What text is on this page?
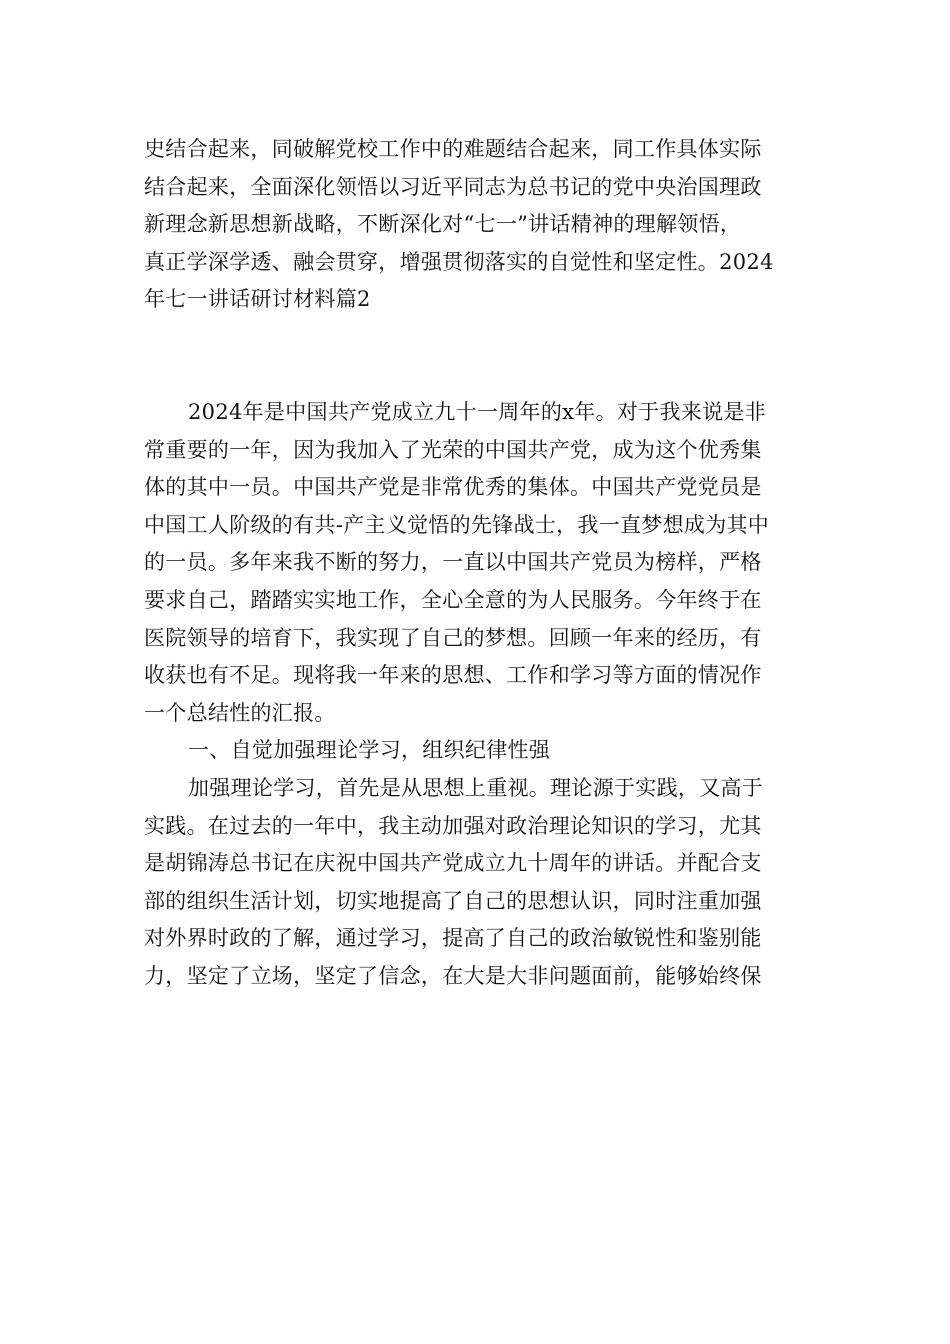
史结合起来，同破解党校工作中的难题结合起来，同工作具体实际
结合起来，全面深化领悟以习近平同志为总书记的党中央治国理政
新理念新思想新战略，不断深化对“七一”讲话精神的理解领悟，
真正学深学透、融会贯穿，增强贯彻落实的自觉性和坚定性。2024
年七一讲话研讨材料篇2
2024年是中国共产党成立九十一周年的x年。对于我来说是非
常重要的一年，因为我加入了光荣的中国共产党，成为这个优秀集
体的其中一员。中国共产党是非常优秀的集体。中国共产党党员是
中国工人阶级的有共-产主义觉悟的先锋战士，我一直梦想成为其中
的一员。多年来我不断的努力，一直以中国共产党员为榜样，严格
要求自己，踏踏实实地工作，全心全意的为人民服务。今年终于在
医院领导的培育下，我实现了自己的梦想。回顾一年来的经历，有
收获也有不足。现将我一年来的思想、工作和学习等方面的情况作
一个总结性的汇报。
一、自觉加强理论学习，组织纪律性强
加强理论学习，首先是从思想上重视。理论源于实践，又高于
实践。在过去的一年中，我主动加强对政治理论知识的学习，尤其
是胡锦涛总书记在庆祝中国共产党成立九十周年的讲话。并配合支
部的组织生活计划，切实地提高了自己的思想认识，同时注重加强
对外界时政的了解，通过学习，提高了自己的政治敏锐性和鉴别能
力，坚定了立场，坚定了信念，在大是大非问题面前，能够始终保
